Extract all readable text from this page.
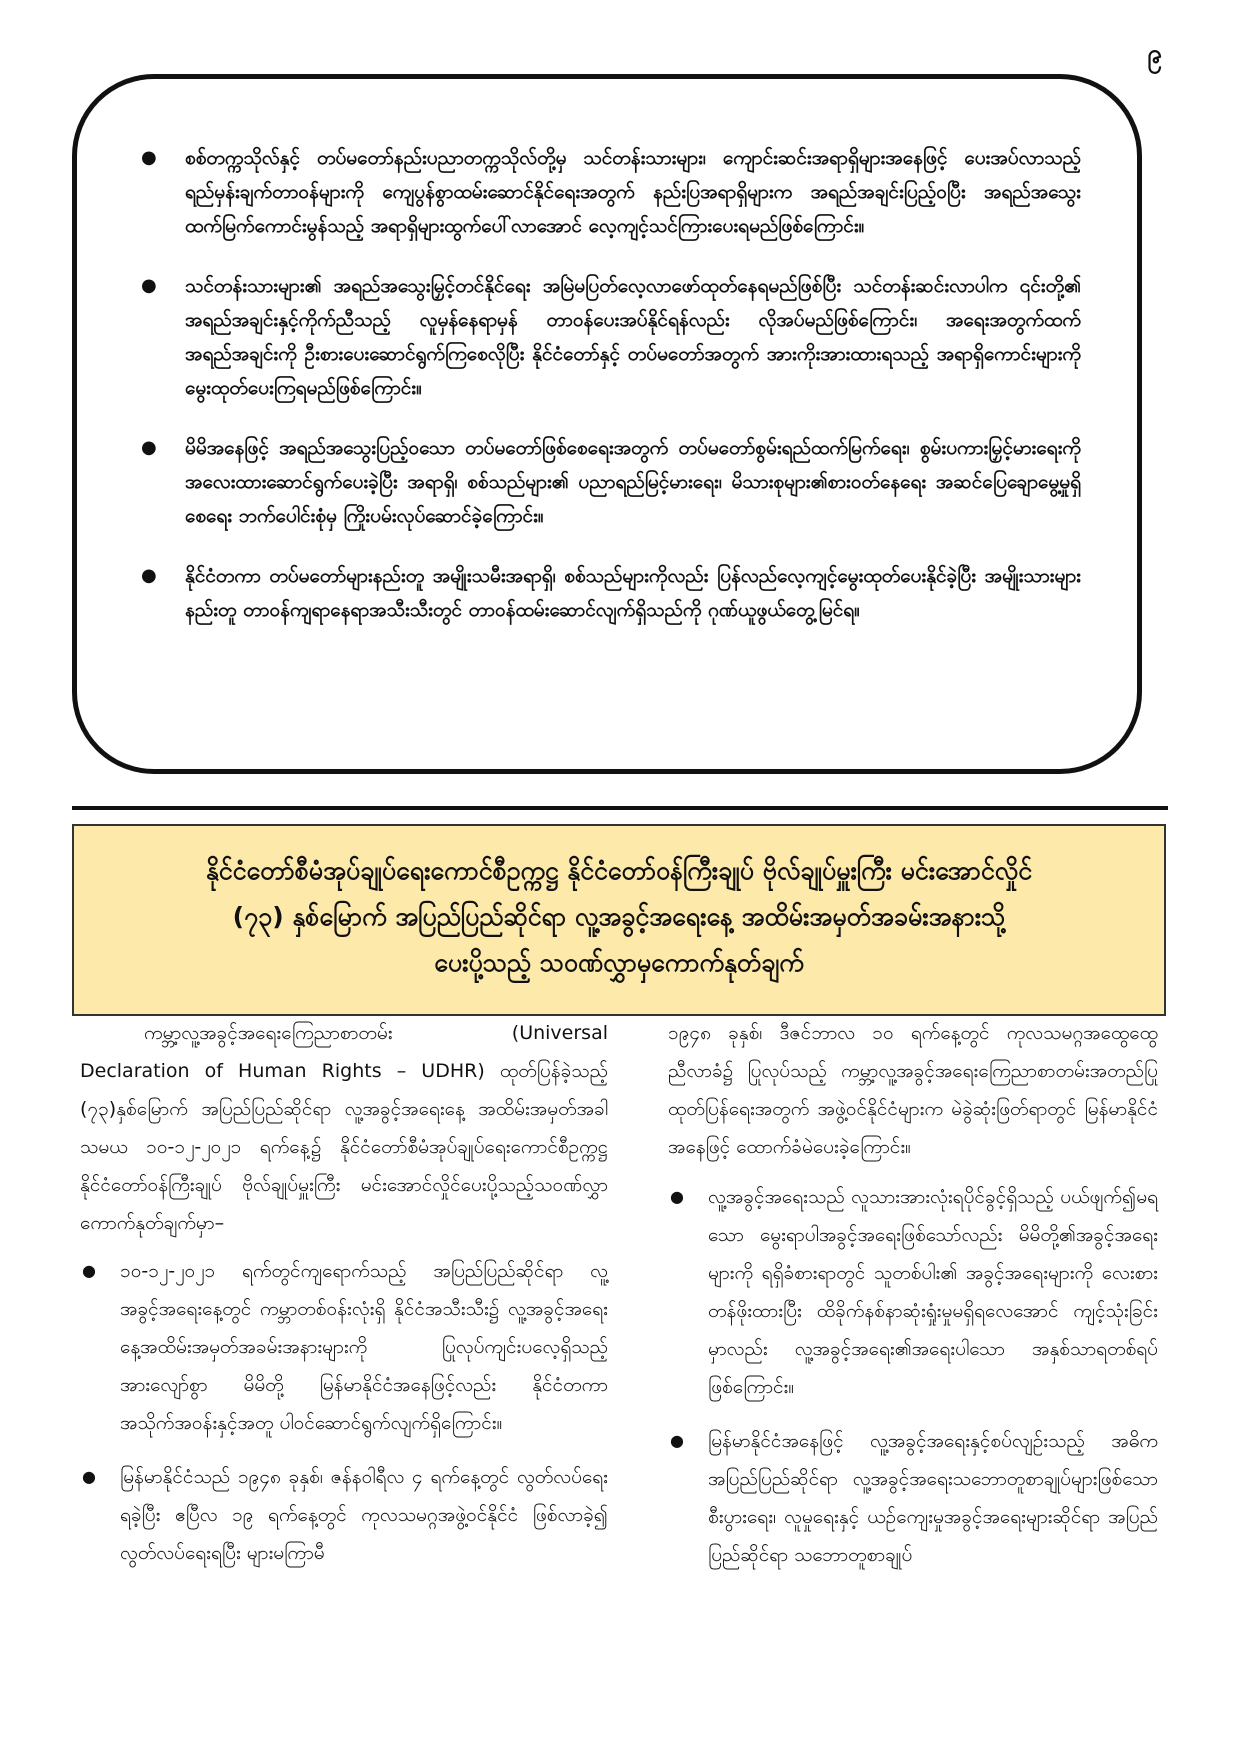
၉
● စစ်တက္ကသိုလ်နှင့် တပ်မတော်နည်းပညာတက္ကသိုလ်တို့မှ သင်တန်းသားများ၊ ကျောင်းဆင်းအရာရှိများအနေဖြင့် ပေးအပ်လာသည့် ရည်မှန်းချက်တာဝန်များကို ကျေပွန်စွာထမ်းဆောင်နိုင်ရေးအတွက် နည်းပြအရာရှိများက အရည်အချင်းပြည့်ဝပြီး အရည်အသွေးထက်မြက်ကောင်းမွန်သည့် အရာရှိများထွက်ပေါ်လာအောင် လေ့ကျင့်သင်ကြားပေးရမည်ဖြစ်ကြောင်း။
● သင်တန်းသားများ၏ အရည်အသွေးမြှင့်တင်နိုင်ရေး အမြဲမပြတ်လေ့လာဖော်ထုတ်နေရမည်ဖြစ်ပြီး သင်တန်းဆင်းလာပါက ၎င်းတို့၏ အရည်အချင်းနှင့်ကိုက်ညီသည့် လူမှန်နေရာမှန် တာဝန်ပေးအပ်နိုင်ရန်လည်း လိုအပ်မည်ဖြစ်ကြောင်း၊ အရေးအတွက်ထက် အရည်အချင်းကို ဦးစားပေးဆောင်ရွက်ကြစေလိုပြီး နိုင်ငံတော်နှင့် တပ်မတော်အတွက် အားကိုးအားထားရသည့် အရာရှိကောင်းများကို မွေးထုတ်ပေးကြရမည်ဖြစ်ကြောင်း။
● မိမိအနေဖြင့် အရည်အသွေးပြည့်ဝသော တပ်မတော်ဖြစ်စေရေးအတွက် တပ်မတော်စွမ်းရည်ထက်မြက်ရေး၊ စွမ်းပကားမြှင့်မားရေးကို အလေးထားဆောင်ရွက်ပေးခဲ့ပြီး အရာရှိ၊ စစ်သည်များ၏ ပညာရည်မြင့်မားရေး၊ မိသားစုများ၏စားဝတ်နေရေး အဆင်ပြေချောမွေ့မှုရှိစေရေး ဘက်ပေါင်းစုံမှ ကြိုးပမ်းလုပ်ဆောင်ခဲ့ကြောင်း။
● နိုင်ငံတကာ တပ်မတော်များနည်းတူ အမျိုးသမီးအရာရှိ၊ စစ်သည်များကိုလည်း ပြန်လည်လေ့ကျင့်မွေးထုတ်ပေးနိုင်ခဲ့ပြီး အမျိုးသားများနည်းတူ တာဝန်ကျရာနေရာအသီးသီးတွင် တာဝန်ထမ်းဆောင်လျက်ရှိသည်ကို ဂုဏ်ယူဖွယ်တွေ့မြင်ရ။
နိုင်ငံတော်စီမံအုပ်ချုပ်ရေးကောင်စီဥက္ကဋ္ဌ နိုင်ငံတော်ဝန်ကြီးချုပ် ဗိုလ်ချုပ်မှူးကြီး မင်းအောင်လှိုင်
(၇၃) နှစ်မြောက် အပြည်ပြည်ဆိုင်ရာ လူ့အခွင့်အရေးနေ့ အထိမ်းအမှတ်အခမ်းအနားသို့
ပေးပို့သည့် သဝဏ်လွှာမှကောက်နုတ်ချက်

ကမ္ဘာ့လူ့အခွင့်အရေးကြေညာစာတမ်း (Universal Declaration of Human Rights – UDHR) ထုတ်ပြန်ခဲ့သည့် (၇၃)နှစ်မြောက် အပြည်ပြည်ဆိုင်ရာ လူ့အခွင့်အရေးနေ့ အထိမ်းအမှတ်အခါသမယ ၁၀-၁၂-၂၀၂၁ ရက်နေ့၌ နိုင်ငံတော်စီမံအုပ်ချုပ်ရေးကောင်စီဥက္ကဋ္ဌ နိုင်ငံတော်ဝန်ကြီးချုပ် ဗိုလ်ချုပ်မှူးကြီး မင်းအောင်လှိုင်ပေးပို့သည့်သဝဏ်လွှာ ကောက်နုတ်ချက်မှာ–

● ၁၀-၁၂-၂၀၂၁ ရက်တွင်ကျရောက်သည့် အပြည်ပြည်ဆိုင်ရာ လူ့အခွင့်အရေးနေ့တွင် ကမ္ဘာတစ်ဝန်းလုံးရှိ နိုင်ငံအသီးသီး၌ လူ့အခွင့်အရေးနေ့အထိမ်းအမှတ်အခမ်းအနားများကို ပြုလုပ်ကျင်းပလေ့ရှိသည့်အားလျော်စွာ မိမိတို့ မြန်မာနိုင်ငံအနေဖြင့်လည်း နိုင်ငံတကာအသိုက်အဝန်းနှင့်အတူ ပါဝင်ဆောင်ရွက်လျက်ရှိကြောင်း။
● မြန်မာနိုင်ငံသည် ၁၉၄၈ ခုနှစ်၊ ဇန်နဝါရီလ ၄ ရက်နေ့တွင် လွတ်လပ်ရေးရခဲ့ပြီး ဧပြီလ ၁၉ ရက်နေ့တွင် ကုလသမဂ္ဂအဖွဲ့ဝင်နိုင်ငံ ဖြစ်လာခဲ့၍ လွတ်လပ်ရေးရပြီး များမကြာမီ

၁၉၄၈ ခုနှစ်၊ ဒီဇင်ဘာလ ၁၀ ရက်နေ့တွင် ကုလသမဂ္ဂအထွေထွေညီလာခံ၌ ပြုလုပ်သည့် ကမ္ဘာ့လူ့အခွင့်အရေးကြေညာစာတမ်းအတည်ပြုထုတ်ပြန်ရေးအတွက် အဖွဲ့ဝင်နိုင်ငံများက မဲခွဲဆုံးဖြတ်ရာတွင် မြန်မာနိုင်ငံအနေဖြင့် ထောက်ခံမဲပေးခဲ့ကြောင်း။

● လူ့အခွင့်အရေးသည် လူသားအားလုံးရပိုင်ခွင့်ရှိသည့် ပယ်ဖျက်၍မရသော မွေးရာပါအခွင့်အရေးဖြစ်သော်လည်း မိမိတို့၏အခွင့်အရေးများကို ရရှိခံစားရာတွင် သူတစ်ပါး၏ အခွင့်အရေးများကို လေးစားတန်ဖိုးထားပြီး ထိခိုက်နစ်နာဆုံးရှုံးမှုမရှိရလေအောင် ကျင့်သုံးခြင်းမှာလည်း လူ့အခွင့်အရေး၏အရေးပါသော အနှစ်သာရတစ်ရပ်ဖြစ်ကြောင်း။
● မြန်မာနိုင်ငံအနေဖြင့် လူ့အခွင့်အရေးနှင့်စပ်လျဉ်းသည့် အဓိကအပြည်ပြည်ဆိုင်ရာ လူ့အခွင့်အရေးသဘောတူစာချုပ်များဖြစ်သော စီးပွားရေး၊ လူမှုရေးနှင့် ယဉ်ကျေးမှုအခွင့်အရေးများဆိုင်ရာ အပြည်ပြည်ဆိုင်ရာ သဘောတူစာချုပ်
